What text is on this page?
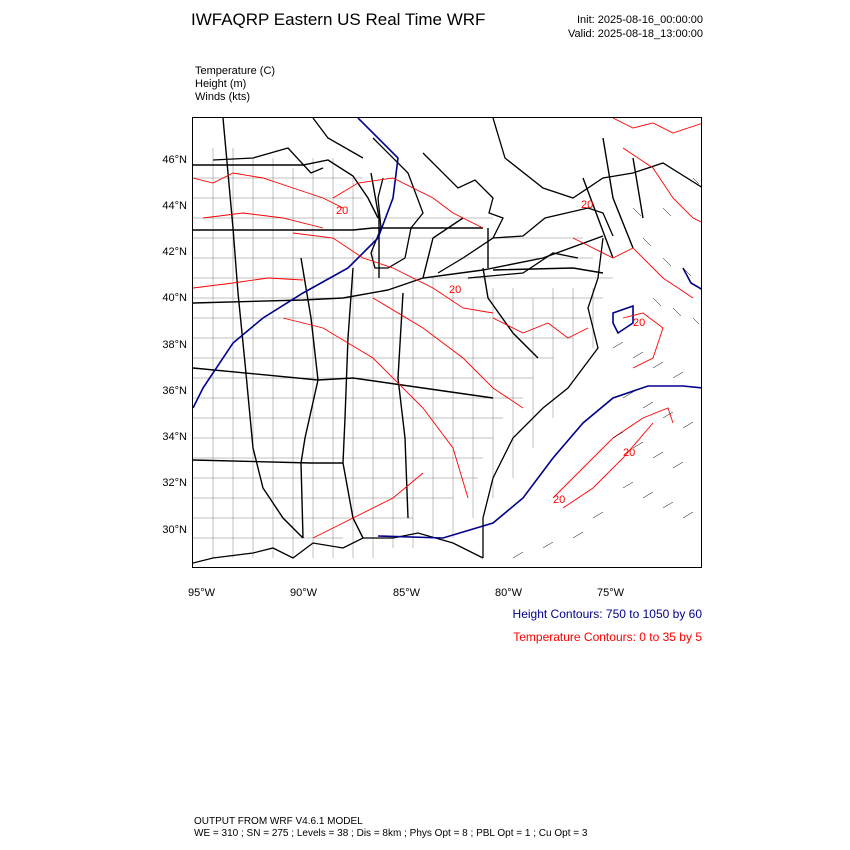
IWFAQRP Eastern US Real Time WRF	Init: 2025-08-16_00:00:00
Valid: 2025-08-18_13:00:00
Temperature (C)
Height (m)
Winds (kts)
20
20
20
20
20
20
46°N
44°N
42°N
40°N
38°N
36°N
34°N
32°N
30°N
95°W	90°W	85°W	80°W	75°W
Height Contours: 750 to 1050 by 60
Temperature Contours: 0 to 35 by 5
OUTPUT FROM WRF V4.6.1 MODEL
WE = 310 ; SN = 275 ; Levels = 38 ; Dis = 8km ; Phys Opt = 8 ; PBL Opt = 1 ; Cu Opt = 3
